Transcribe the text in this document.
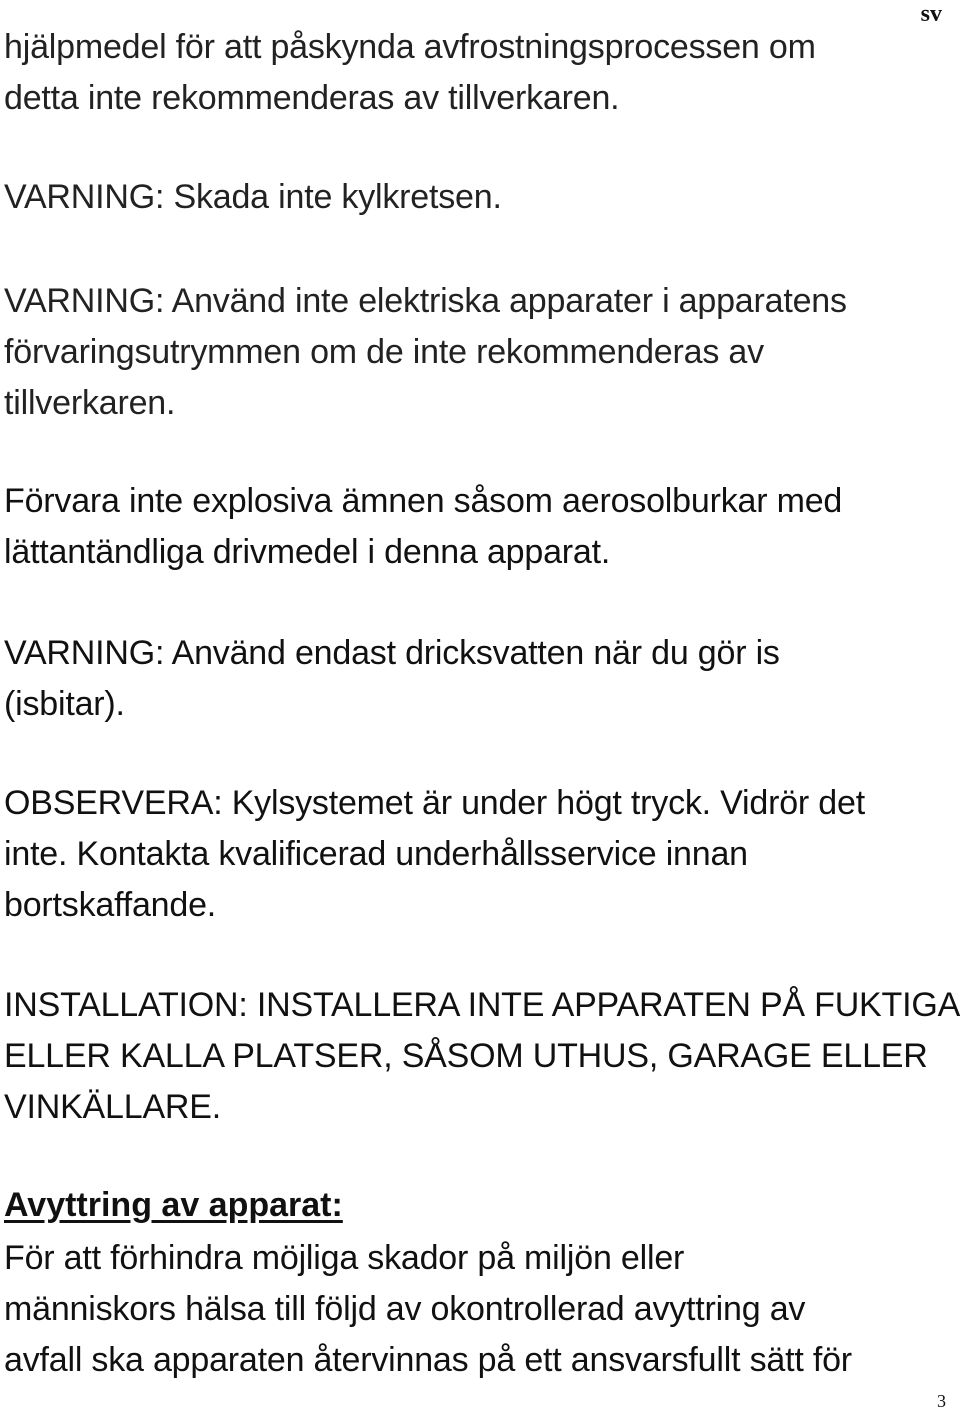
sv

hjälpmedel för att påskynda avfrostningsprocessen om
detta inte rekommenderas av tillverkaren.

VARNING: Skada inte kylkretsen.

VARNING: Använd inte elektriska apparater i apparatens
förvaringsutrymmen om de inte rekommenderas av
tillverkaren.

Förvara inte explosiva ämnen såsom aerosolburkar med
lättantändliga drivmedel i denna apparat.

VARNING: Använd endast dricksvatten när du gör is
(isbitar).

OBSERVERA: Kylsystemet är under högt tryck. Vidrör det
inte. Kontakta kvalificerad underhållsservice innan
bortskaffande.

INSTALLATION: INSTALLERA INTE APPARATEN PÅ FUKTIGA
ELLER KALLA PLATSER, SÅSOM UTHUS, GARAGE ELLER
VINKÄLLARE.

Avyttring av apparat:

För att förhindra möjliga skador på miljön eller
människors hälsa till följd av okontrollerad avyttring av
avfall ska apparaten återvinnas på ett ansvarsfullt sätt för

3
